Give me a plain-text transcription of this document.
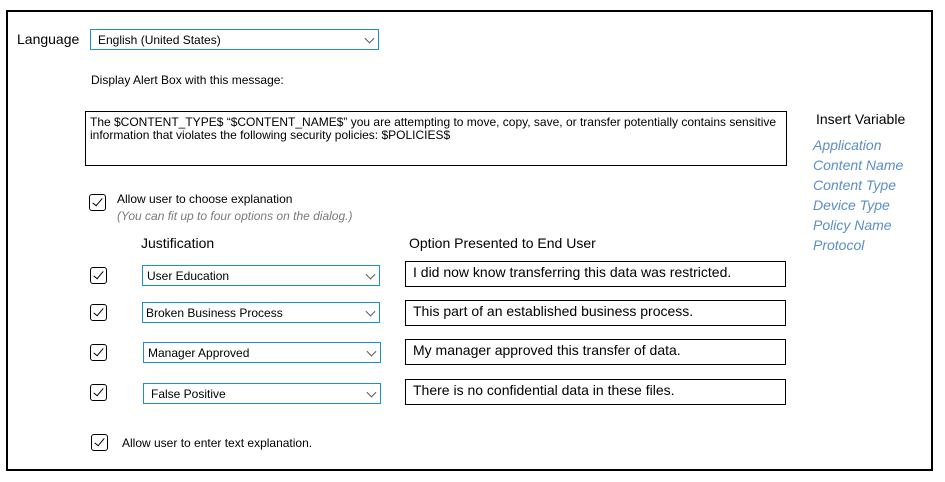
Language English (United States)
Display Alert Box with this message:
The $CONTENT_TYPE$ “$CONTENT_NAME$” you are attempting to move, copy, save, or transfer potentially contains sensitive information that violates the following security policies: $POLICIES$
Insert Variable
Application
Content Name
Content Type
Device Type
Policy Name
Protocol
Allow user to choose explanation
(You can fit up to four options on the dialog.)
Justification	Option Presented to End User
User Education	I did now know transferring this data was restricted.
Broken Business Process	This part of an established business process.
Manager Approved	My manager approved this transfer of data.
False Positive	There is no confidential data in these files.
Allow user to enter text explanation.
